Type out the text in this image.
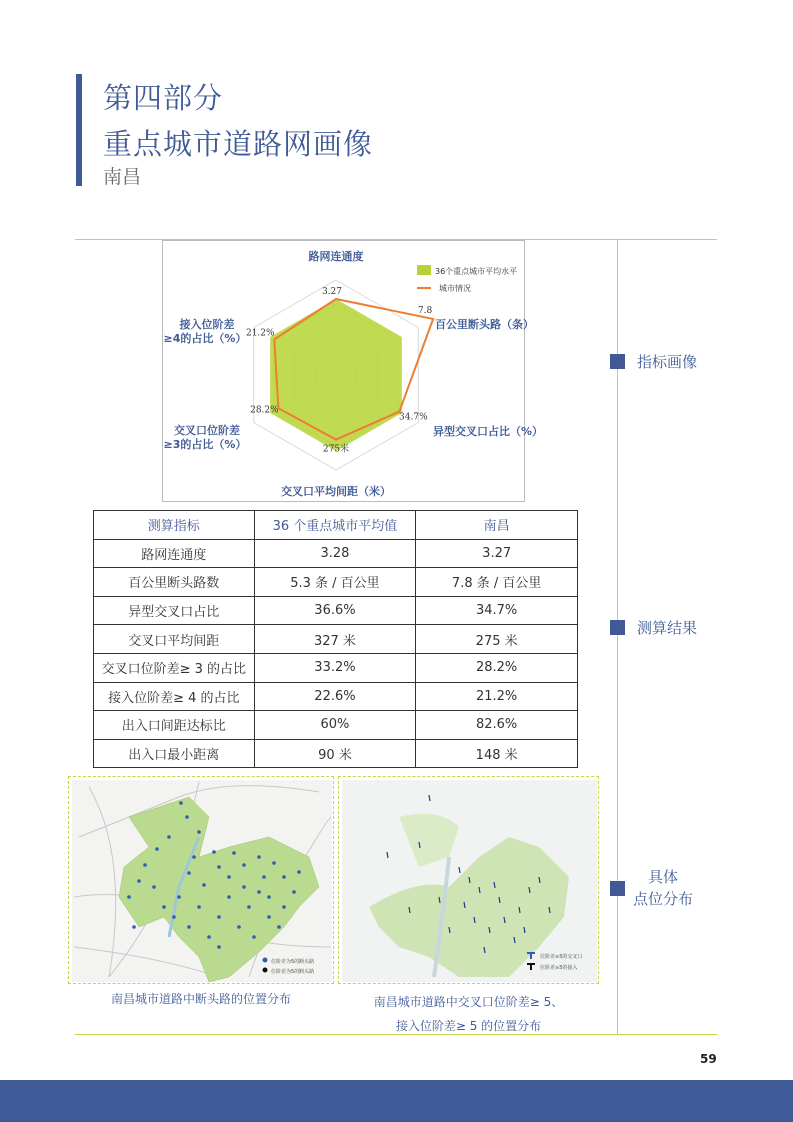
第四部分
重点城市道路网画像
南昌
指标画像
测算结果
具体
点位分布
3.27
7.8
34.7%
275米
28.2%
21.2%
路网连通度
百公里断头路（条）
异型交叉口占比（%）
交叉口平均间距（米）
交叉口位阶差
≥3的占比（%）
接入位阶差
≥4的占比（%）
36个重点城市平均水平
城市情况
测算指标	36 个重点城市平均值	南昌
路网连通度	3.28	3.27
百公里断头路数	5.3 条 / 百公里	7.8 条 / 百公里
异型交叉口占比	36.6%	34.7%
交叉口平均间距	327 米	275 米
交叉口位阶差≥ 3 的占比	33.2%	28.2%
接入位阶差≥ 4 的占比	22.6%	21.2%
出入口间距达标比	60%	82.6%
出入口最小距离	90 米	148 米
位阶差为5的断头路
位阶差为5的断头路
位阶差≥5的交叉口
位阶差≥5的接入
南昌城市道路中断头路的位置分布	南昌城市道路中交叉口位阶差≥ 5、
接入位阶差≥ 5 的位置分布
59
